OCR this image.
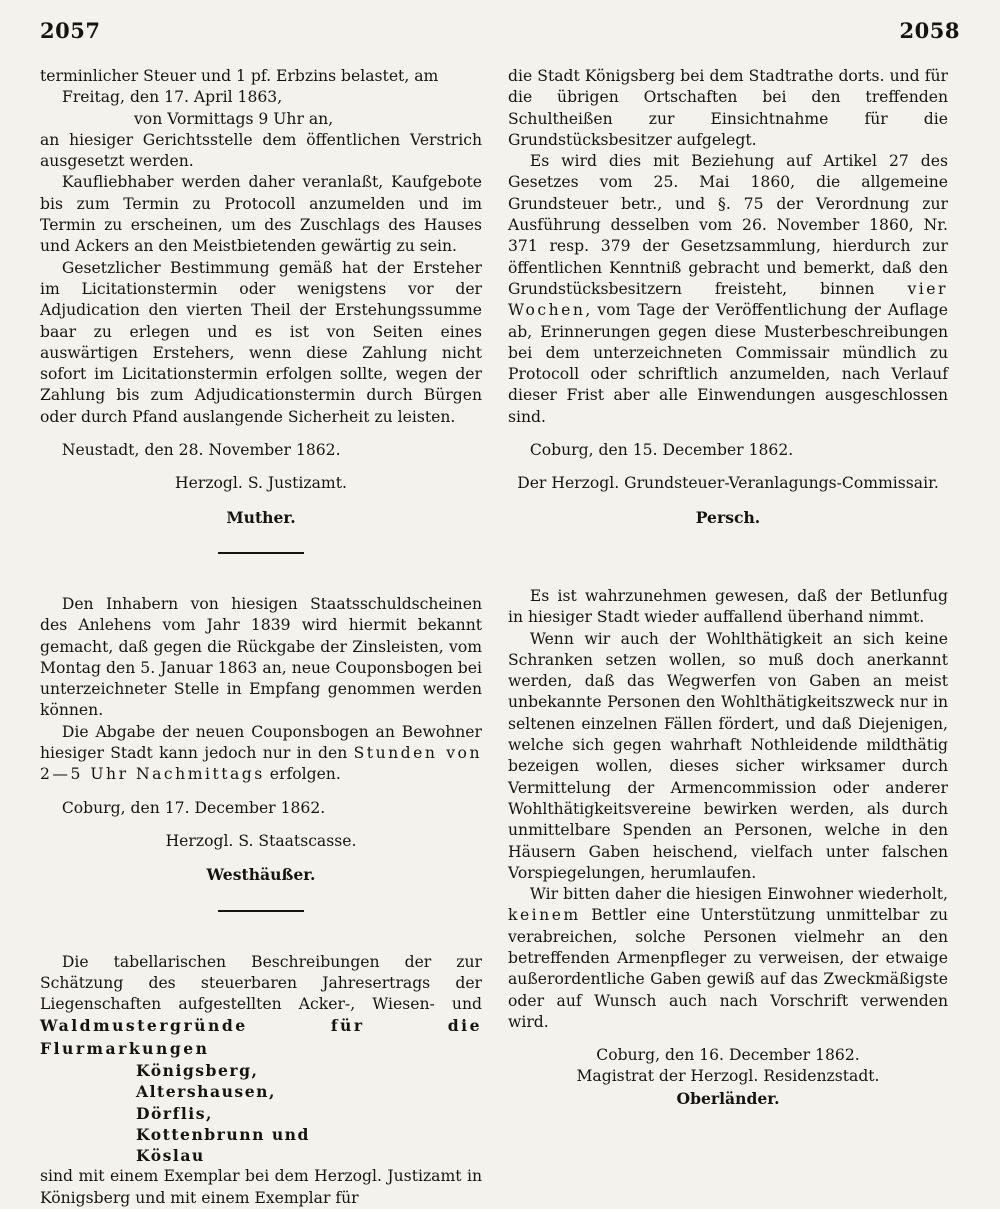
2057	2058

terminlicher Steuer und 1 pf. Erbzins belastet, am

Freitag, den 17. April 1863,

von Vormittags 9 Uhr an,

an hiesiger Gerichtsstelle dem öffentlichen Verstrich ausgesetzt werden.

Kaufliebhaber werden daher veranlaßt, Kaufgebote bis zum Termin zu Protocoll anzumelden und im Termin zu erscheinen, um des Zuschlags des Hauses und Ackers an den Meistbietenden gewärtig zu sein.

Gesetzlicher Bestimmung gemäß hat der Ersteher im Licitationstermin oder wenigstens vor der Adjudication den vierten Theil der Erstehungssumme baar zu erlegen und es ist von Seiten eines auswärtigen Erstehers, wenn diese Zahlung nicht sofort im Licitationstermin erfolgen sollte, wegen der Zahlung bis zum Adjudicationstermin durch Bürgen oder durch Pfand auslangende Sicherheit zu leisten.

Neustadt, den 28. November 1862.

Herzogl. S. Justizamt.

Muther.

Den Inhabern von hiesigen Staatsschuldscheinen des Anlehens vom Jahr 1839 wird hiermit bekannt gemacht, daß gegen die Rückgabe der Zinsleisten, vom Montag den 5. Januar 1863 an, neue Couponsbogen bei unterzeichneter Stelle in Empfang genommen werden können.

Die Abgabe der neuen Couponsbogen an Bewohner hiesiger Stadt kann jedoch nur in den Stunden von 2—5 Uhr Nachmittags erfolgen.

Coburg, den 17. December 1862.

Herzogl. S. Staatscasse.

Westhäußer.

Die tabellarischen Beschreibungen der zur Schätzung des steuerbaren Jahresertrags der Liegenschaften aufgestellten Acker-, Wiesen- und Waldmustergründe für die Flurmarkungen

Königsberg,

Altershausen,

Dörflis,

Kottenbrunn und

Köslau

sind mit einem Exemplar bei dem Herzogl. Justizamt in Königsberg und mit einem Exemplar für

die Stadt Königsberg bei dem Stadtrathe dorts. und für die übrigen Ortschaften bei den treffenden Schultheißen zur Einsichtnahme für die Grundstücksbesitzer aufgelegt.

Es wird dies mit Beziehung auf Artikel 27 des Gesetzes vom 25. Mai 1860, die allgemeine Grundsteuer betr., und §. 75 der Verordnung zur Ausführung desselben vom 26. November 1860, Nr. 371 resp. 379 der Gesetzsammlung, hierdurch zur öffentlichen Kenntniß gebracht und bemerkt, daß den Grundstücksbesitzern freisteht, binnen vier Wochen, vom Tage der Veröffentlichung der Auflage ab, Erinnerungen gegen diese Musterbeschreibungen bei dem unterzeichneten Commissair mündlich zu Protocoll oder schriftlich anzumelden, nach Verlauf dieser Frist aber alle Einwendungen ausgeschlossen sind.

Coburg, den 15. December 1862.

Der Herzogl. Grundsteuer-Veranlagungs-Commissair.

Persch.

Es ist wahrzunehmen gewesen, daß der Betlunfug in hiesiger Stadt wieder auffallend überhand nimmt.

Wenn wir auch der Wohlthätigkeit an sich keine Schranken setzen wollen, so muß doch anerkannt werden, daß das Wegwerfen von Gaben an meist unbekannte Personen den Wohlthätigkeitszweck nur in seltenen einzelnen Fällen fördert, und daß Diejenigen, welche sich gegen wahrhaft Nothleidende mildthätig bezeigen wollen, dieses sicher wirksamer durch Vermittelung der Armencommission oder anderer Wohlthätigkeitsvereine bewirken werden, als durch unmittelbare Spenden an Personen, welche in den Häusern Gaben heischend, vielfach unter falschen Vorspiegelungen, herumlaufen.

Wir bitten daher die hiesigen Einwohner wiederholt, keinem Bettler eine Unterstützung unmittelbar zu verabreichen, solche Personen vielmehr an den betreffenden Armenpfleger zu verweisen, der etwaige außerordentliche Gaben gewiß auf das Zweckmäßigste oder auf Wunsch auch nach Vorschrift verwenden wird.

Coburg, den 16. December 1862.

Magistrat der Herzogl. Residenzstadt.

Oberländer.
